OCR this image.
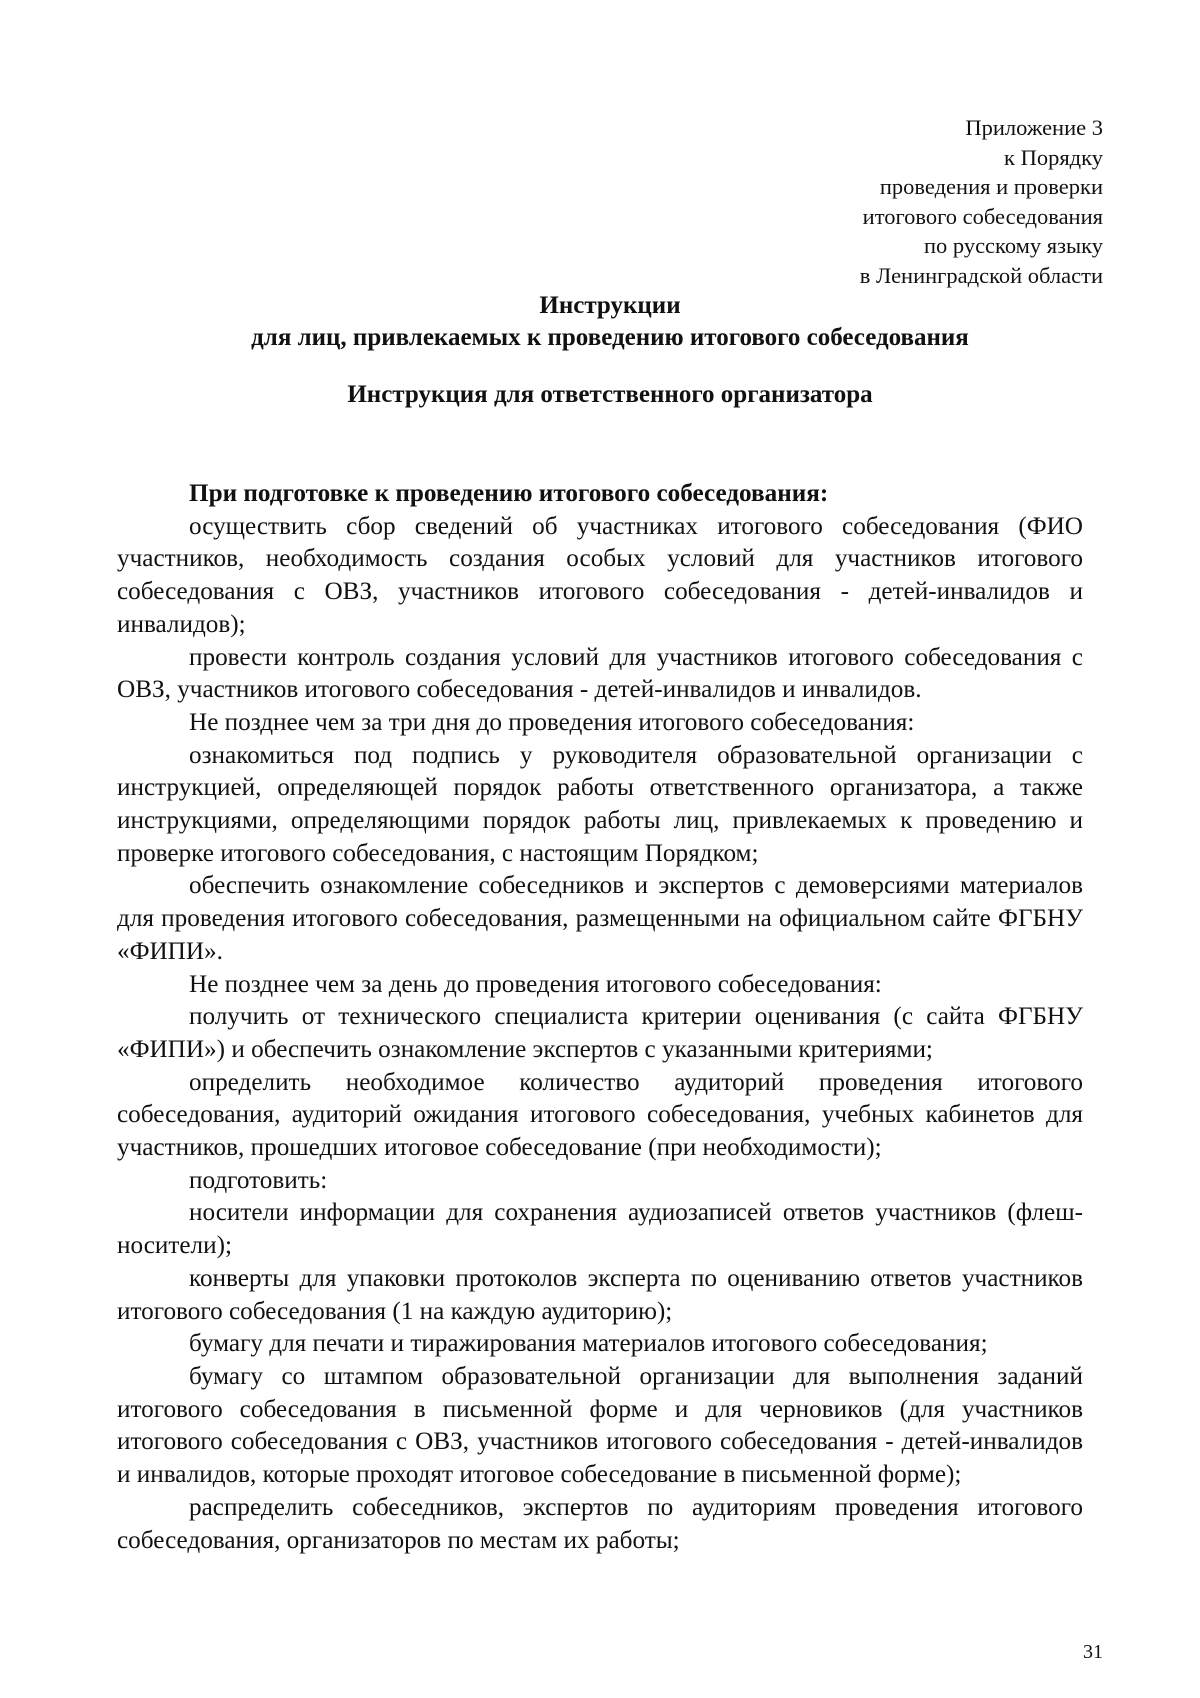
Приложение 3
к Порядку
проведения и проверки
итогового собеседования
по русскому языку
в Ленинградской области
Инструкции
для лиц, привлекаемых к проведению итогового собеседования
Инструкция для ответственного организатора

При подготовке к проведению итогового собеседования:

осуществить сбор сведений об участниках итогового собеседования (ФИО участников, необходимость создания особых условий для участников итогового собеседования с ОВЗ, участников итогового собеседования - детей-инвалидов и инвалидов);

провести контроль создания условий для участников итогового собеседования с ОВЗ, участников итогового собеседования - детей-инвалидов и инвалидов.

Не позднее чем за три дня до проведения итогового собеседования:

ознакомиться под подпись у руководителя образовательной организации с инструкцией, определяющей порядок работы ответственного организатора, а также инструкциями, определяющими порядок работы лиц, привлекаемых к проведению и проверке итогового собеседования, с настоящим Порядком;

обеспечить ознакомление собеседников и экспертов с демоверсиями материалов для проведения итогового собеседования, размещенными на официальном сайте ФГБНУ «ФИПИ».

Не позднее чем за день до проведения итогового собеседования:

получить от технического специалиста критерии оценивания (с сайта ФГБНУ «ФИПИ») и обеспечить ознакомление экспертов с указанными критериями;

определить необходимое количество аудиторий проведения итогового собеседования, аудиторий ожидания итогового собеседования, учебных кабинетов для участников, прошедших итоговое собеседование (при необходимости);

подготовить:

носители информации для сохранения аудиозаписей ответов участников (флеш-носители);

конверты для упаковки протоколов эксперта по оцениванию ответов участников итогового собеседования (1 на каждую аудиторию);

бумагу для печати и тиражирования материалов итогового собеседования;

бумагу со штампом образовательной организации для выполнения заданий итогового собеседования в письменной форме и для черновиков (для участников итогового собеседования с ОВЗ, участников итогового собеседования - детей-инвалидов и инвалидов, которые проходят итоговое собеседование в письменной форме);

распределить собеседников, экспертов по аудиториям проведения итогового собеседования, организаторов по местам их работы;

31
